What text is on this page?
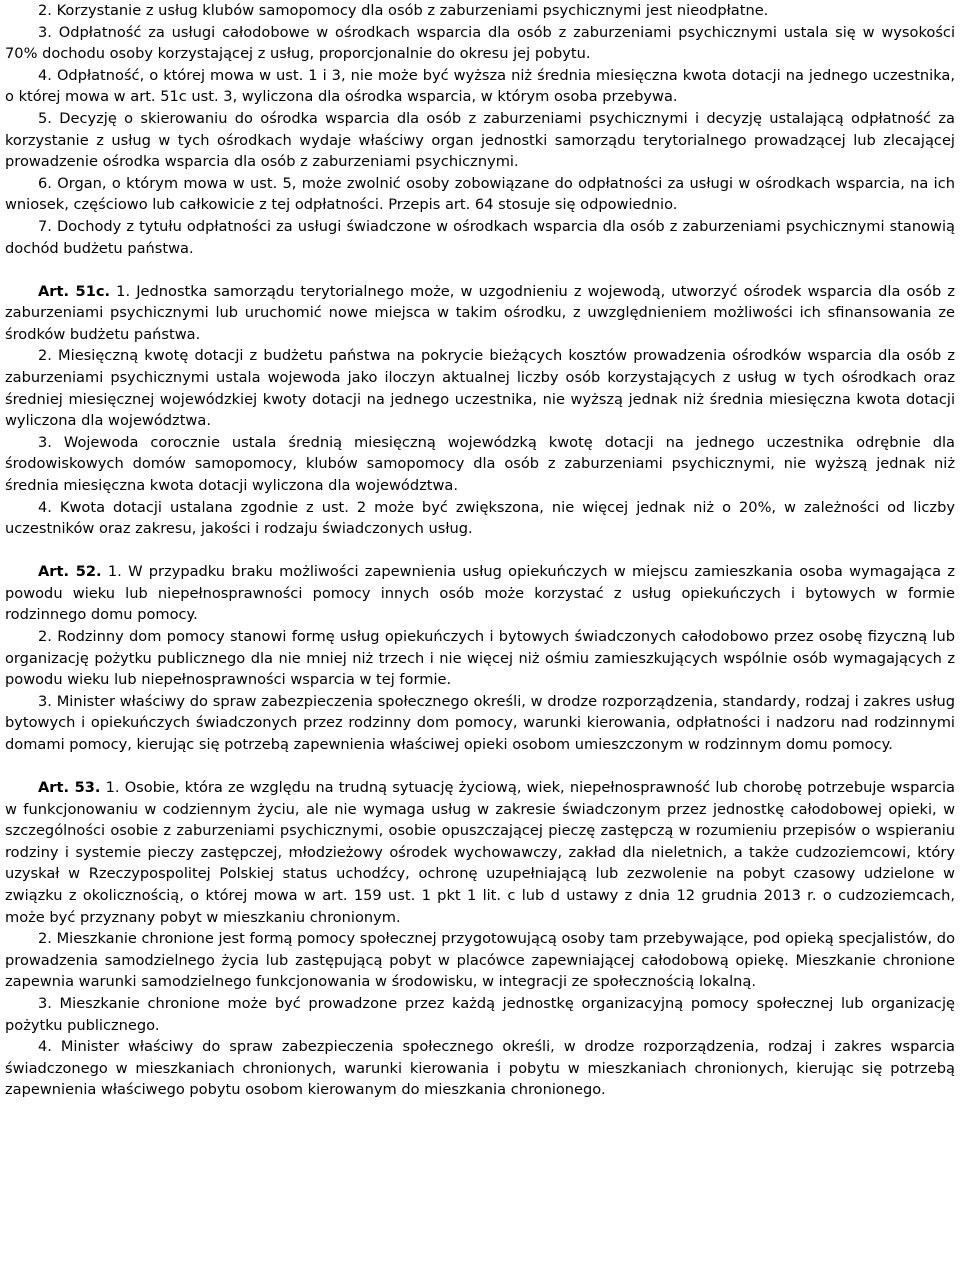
2. Korzystanie z usług klubów samopomocy dla osób z zaburzeniami psychicznymi jest nieodpłatne.

3. Odpłatność za usługi całodobowe w ośrodkach wsparcia dla osób z zaburzeniami psychicznymi ustala się w wysokości 70% dochodu osoby korzystającej z usług, proporcjonalnie do okresu jej pobytu.

4. Odpłatność, o której mowa w ust. 1 i 3, nie może być wyższa niż średnia miesięczna kwota dotacji na jednego uczestnika, o której mowa w art. 51c ust. 3, wyliczona dla ośrodka wsparcia, w którym osoba przebywa.

5. Decyzję o skierowaniu do ośrodka wsparcia dla osób z zaburzeniami psychicznymi i decyzję ustalającą odpłatność za korzystanie z usług w tych ośrodkach wydaje właściwy organ jednostki samorządu terytorialnego prowadzącej lub zlecającej prowadzenie ośrodka wsparcia dla osób z zaburzeniami psychicznymi.

6. Organ, o którym mowa w ust. 5, może zwolnić osoby zobowiązane do odpłatności za usługi w ośrodkach wsparcia, na ich wniosek, częściowo lub całkowicie z tej odpłatności. Przepis art. 64 stosuje się odpowiednio.

7. Dochody z tytułu odpłatności za usługi świadczone w ośrodkach wsparcia dla osób z zaburzeniami psychicznymi stanowią dochód budżetu państwa.

Art. 51c. 1. Jednostka samorządu terytorialnego może, w uzgodnieniu z wojewodą, utworzyć ośrodek wsparcia dla osób z zaburzeniami psychicznymi lub uruchomić nowe miejsca w takim ośrodku, z uwzględnieniem możliwości ich sfinansowania ze środków budżetu państwa.

2. Miesięczną kwotę dotacji z budżetu państwa na pokrycie bieżących kosztów prowadzenia ośrodków wsparcia dla osób z zaburzeniami psychicznymi ustala wojewoda jako iloczyn aktualnej liczby osób korzystających z usług w tych ośrodkach oraz średniej miesięcznej wojewódzkiej kwoty dotacji na jednego uczestnika, nie wyższą jednak niż średnia miesięczna kwota dotacji wyliczona dla województwa.

3. Wojewoda corocznie ustala średnią miesięczną wojewódzką kwotę dotacji na jednego uczestnika odrębnie dla środowiskowych domów samopomocy, klubów samopomocy dla osób z zaburzeniami psychicznymi, nie wyższą jednak niż średnia miesięczna kwota dotacji wyliczona dla województwa.

4. Kwota dotacji ustalana zgodnie z ust. 2 może być zwiększona, nie więcej jednak niż o 20%, w zależności od liczby uczestników oraz zakresu, jakości i rodzaju świadczonych usług.

Art. 52. 1. W przypadku braku możliwości zapewnienia usług opiekuńczych w miejscu zamieszkania osoba wymagająca z powodu wieku lub niepełnosprawności pomocy innych osób może korzystać z usług opiekuńczych i bytowych w formie rodzinnego domu pomocy.

2. Rodzinny dom pomocy stanowi formę usług opiekuńczych i bytowych świadczonych całodobowo przez osobę fizyczną lub organizację pożytku publicznego dla nie mniej niż trzech i nie więcej niż ośmiu zamieszkujących wspólnie osób wymagających z powodu wieku lub niepełnosprawności wsparcia w tej formie.

3. Minister właściwy do spraw zabezpieczenia społecznego określi, w drodze rozporządzenia, standardy, rodzaj i zakres usług bytowych i opiekuńczych świadczonych przez rodzinny dom pomocy, warunki kierowania, odpłatności i nadzoru nad rodzinnymi domami pomocy, kierując się potrzebą zapewnienia właściwej opieki osobom umieszczonym w rodzinnym domu pomocy.

Art. 53. 1. Osobie, która ze względu na trudną sytuację życiową, wiek, niepełnosprawność lub chorobę potrzebuje wsparcia w funkcjonowaniu w codziennym życiu, ale nie wymaga usług w zakresie świadczonym przez jednostkę całodobowej opieki, w szczególności osobie z zaburzeniami psychicznymi, osobie opuszczającej pieczę zastępczą w rozumieniu przepisów o wspieraniu rodziny i systemie pieczy zastępczej, młodzieżowy ośrodek wychowawczy, zakład dla nieletnich, a także cudzoziemcowi, który uzyskał w Rzeczypospolitej Polskiej status uchodźcy, ochronę uzupełniającą lub zezwolenie na pobyt czasowy udzielone w związku z okolicznością, o której mowa w art. 159 ust. 1 pkt 1 lit. c lub d ustawy z dnia 12 grudnia 2013 r. o cudzoziemcach, może być przyznany pobyt w mieszkaniu chronionym.

2. Mieszkanie chronione jest formą pomocy społecznej przygotowującą osoby tam przebywające, pod opieką specjalistów, do prowadzenia samodzielnego życia lub zastępującą pobyt w placówce zapewniającej całodobową opiekę. Mieszkanie chronione zapewnia warunki samodzielnego funkcjonowania w środowisku, w integracji ze społecznością lokalną.

3. Mieszkanie chronione może być prowadzone przez każdą jednostkę organizacyjną pomocy społecznej lub organizację pożytku publicznego.

4. Minister właściwy do spraw zabezpieczenia społecznego określi, w drodze rozporządzenia, rodzaj i zakres wsparcia świadczonego w mieszkaniach chronionych, warunki kierowania i pobytu w mieszkaniach chronionych, kierując się potrzebą zapewnienia właściwego pobytu osobom kierowanym do mieszkania chronionego.
